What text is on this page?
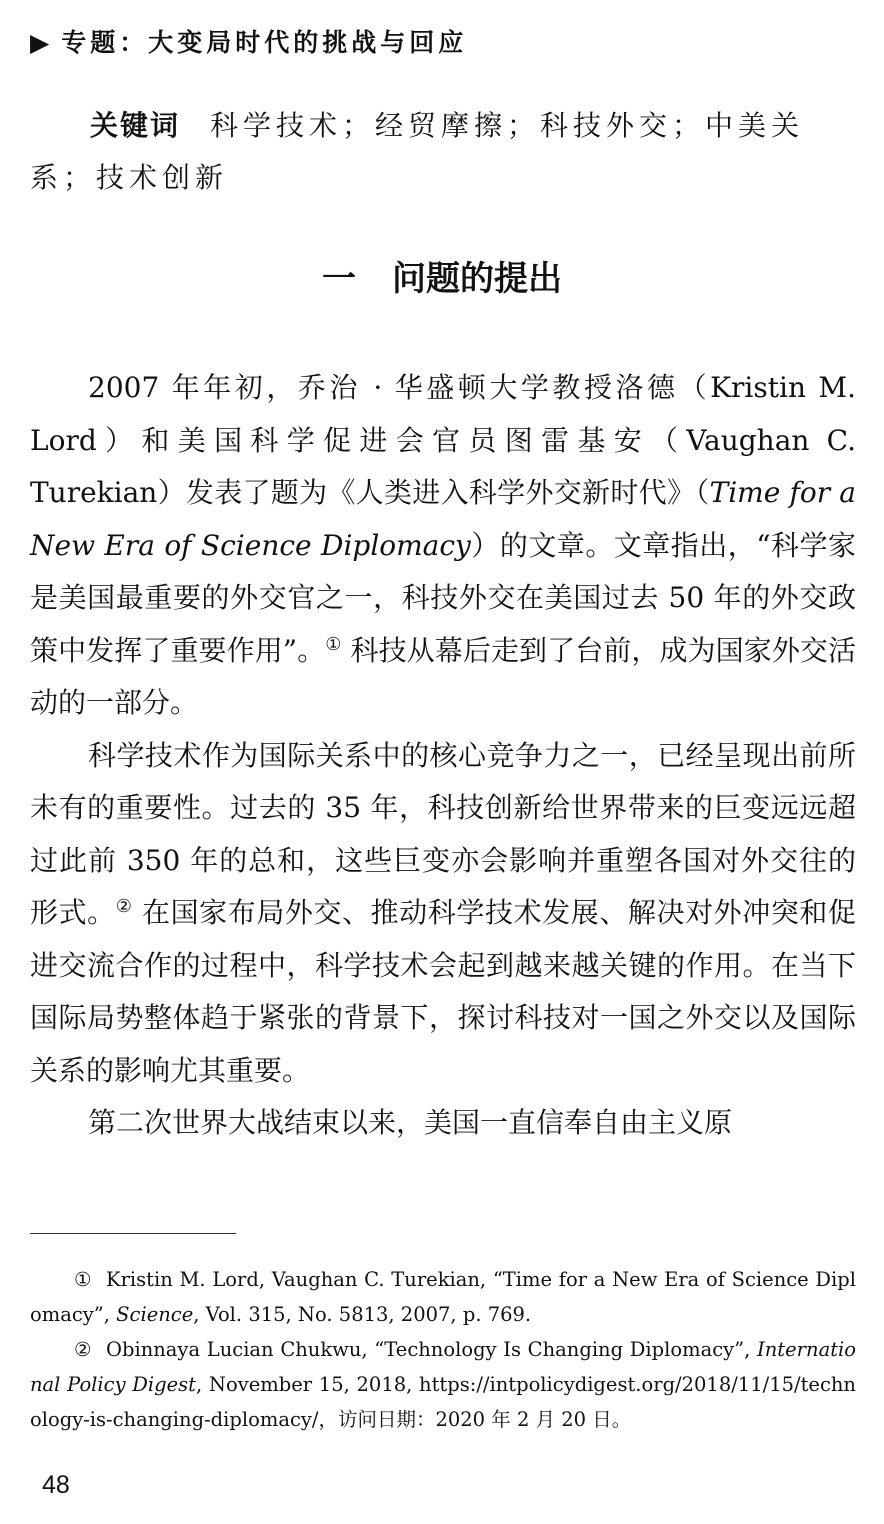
▶ 专题：大变局时代的挑战与回应
关键词 科学技术；经贸摩擦；科技外交；中美关系；技术创新
一 问题的提出

2007 年年初，乔治 · 华盛顿大学教授洛德（Kristin M. Lord）和美国科学促进会官员图雷基安（Vaughan C. Turekian）发表了题为《人类进入科学外交新时代》（Time for a New Era of Science Diplomacy）的文章。文章指出，“科学家是美国最重要的外交官之一，科技外交在美国过去 50 年的外交政策中发挥了重要作用”。① 科技从幕后走到了台前，成为国家外交活动的一部分。

科学技术作为国际关系中的核心竞争力之一，已经呈现出前所未有的重要性。过去的 35 年，科技创新给世界带来的巨变远远超过此前 350 年的总和，这些巨变亦会影响并重塑各国对外交往的形式。② 在国家布局外交、推动科学技术发展、解决对外冲突和促进交流合作的过程中，科学技术会起到越来越关键的作用。在当下国际局势整体趋于紧张的背景下，探讨科技对一国之外交以及国际关系的影响尤其重要。

第二次世界大战结束以来，美国一直信奉自由主义原

① Kristin M. Lord, Vaughan C. Turekian, “Time for a New Era of Science Diplomacy”, Science, Vol. 315, No. 5813, 2007, p. 769.

② Obinnaya Lucian Chukwu, “Technology Is Changing Diplomacy”, International Policy Digest, November 15, 2018, https://intpolicydigest.org/2018/11/15/technology-is-changing-diplomacy/，访问日期：2020 年 2 月 20 日。

48
